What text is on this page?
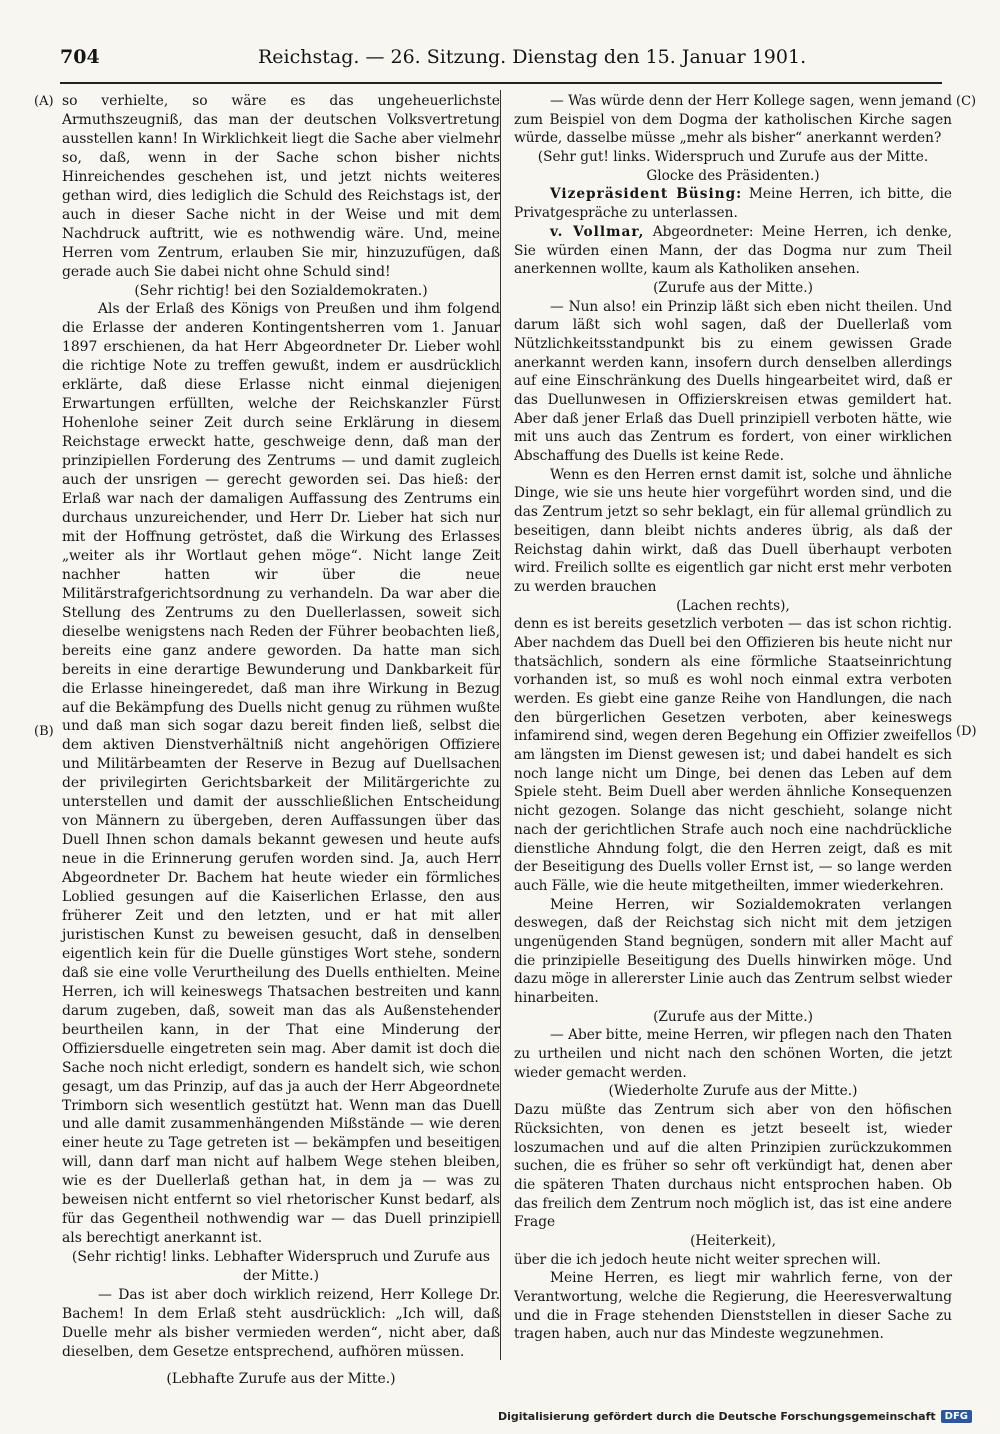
704	Reichstag. — 26. Sitzung. Dienstag den 15. Januar 1901.
(A)
(B)
(C)
(D)

so verhielte, so wäre es das ungeheuerlichste Armuthszeugniß, das man der deutschen Volksvertretung ausstellen kann! In Wirklichkeit liegt die Sache aber vielmehr so, daß, wenn in der Sache schon bisher nichts Hinreichendes geschehen ist, und jetzt nichts weiteres gethan wird, dies lediglich die Schuld des Reichstags ist, der auch in dieser Sache nicht in der Weise und mit dem Nachdruck auftritt, wie es nothwendig wäre. Und, meine Herren vom Zentrum, erlauben Sie mir, hinzuzufügen, daß gerade auch Sie dabei nicht ohne Schuld sind!

(Sehr richtig! bei den Sozialdemokraten.)

Als der Erlaß des Königs von Preußen und ihm folgend die Erlasse der anderen Kontingentsherren vom 1. Januar 1897 erschienen, da hat Herr Abgeordneter Dr. Lieber wohl die richtige Note zu treffen gewußt, indem er ausdrücklich erklärte, daß diese Erlasse nicht einmal diejenigen Erwartungen erfüllten, welche der Reichskanzler Fürst Hohenlohe seiner Zeit durch seine Erklärung in diesem Reichstage erweckt hatte, geschweige denn, daß man der prinzipiellen Forderung des Zentrums — und damit zugleich auch der unsrigen — gerecht geworden sei. Das hieß: der Erlaß war nach der damaligen Auffassung des Zentrums ein durchaus unzureichender, und Herr Dr. Lieber hat sich nur mit der Hoffnung getröstet, daß die Wirkung des Erlasses „weiter als ihr Wortlaut gehen möge“. Nicht lange Zeit nachher hatten wir über die neue Militärstrafgerichtsordnung zu verhandeln. Da war aber die Stellung des Zentrums zu den Duellerlassen, soweit sich dieselbe wenigstens nach Reden der Führer beobachten ließ, bereits eine ganz andere geworden. Da hatte man sich bereits in eine derartige Bewunderung und Dankbarkeit für die Erlasse hineingeredet, daß man ihre Wirkung in Bezug auf die Bekämpfung des Duells nicht genug zu rühmen wußte und daß man sich sogar dazu bereit finden ließ, selbst die dem aktiven Dienstverhältniß nicht angehörigen Offiziere und Militärbeamten der Reserve in Bezug auf Duellsachen der privilegirten Gerichtsbarkeit der Militärgerichte zu unterstellen und damit der ausschließlichen Entscheidung von Männern zu übergeben, deren Auffassungen über das Duell Ihnen schon damals bekannt gewesen und heute aufs neue in die Erinnerung gerufen worden sind. Ja, auch Herr Abgeordneter Dr. Bachem hat heute wieder ein förmliches Loblied gesungen auf die Kaiserlichen Erlasse, den aus früherer Zeit und den letzten, und er hat mit aller juristischen Kunst zu beweisen gesucht, daß in denselben eigentlich kein für die Duelle günstiges Wort stehe, sondern daß sie eine volle Verurtheilung des Duells enthielten. Meine Herren, ich will keineswegs Thatsachen bestreiten und kann darum zugeben, daß, soweit man das als Außenstehender beurtheilen kann, in der That eine Minderung der Offiziersduelle eingetreten sein mag. Aber damit ist doch die Sache noch nicht erledigt, sondern es handelt sich, wie schon gesagt, um das Prinzip, auf das ja auch der Herr Abgeordnete Trimborn sich wesentlich gestützt hat. Wenn man das Duell und alle damit zusammenhängenden Mißstände — wie deren einer heute zu Tage getreten ist — bekämpfen und beseitigen will, dann darf man nicht auf halbem Wege stehen bleiben, wie es der Duellerlaß gethan hat, in dem ja — was zu beweisen nicht entfernt so viel rhetorischer Kunst bedarf, als für das Gegentheil nothwendig war — das Duell prinzipiell als berechtigt anerkannt ist.

(Sehr richtig! links. Lebhafter Widerspruch und Zurufe aus der Mitte.)

— Das ist aber doch wirklich reizend, Herr Kollege Dr. Bachem! In dem Erlaß steht ausdrücklich: „Ich will, daß Duelle mehr als bisher vermieden werden“, nicht aber, daß dieselben, dem Gesetze entsprechend, aufhören müssen.

(Lebhafte Zurufe aus der Mitte.)

— Was würde denn der Herr Kollege sagen, wenn jemand zum Beispiel von dem Dogma der katholischen Kirche sagen würde, dasselbe müsse „mehr als bisher“ anerkannt werden?

(Sehr gut! links. Widerspruch und Zurufe aus der Mitte. Glocke des Präsidenten.)

Vizepräsident Büsing: Meine Herren, ich bitte, die Privatgespräche zu unterlassen.

v. Vollmar, Abgeordneter: Meine Herren, ich denke, Sie würden einen Mann, der das Dogma nur zum Theil anerkennen wollte, kaum als Katholiken ansehen.

(Zurufe aus der Mitte.)

— Nun also! ein Prinzip läßt sich eben nicht theilen. Und darum läßt sich wohl sagen, daß der Duellerlaß vom Nützlichkeitsstandpunkt bis zu einem gewissen Grade anerkannt werden kann, insofern durch denselben allerdings auf eine Einschränkung des Duells hingearbeitet wird, daß er das Duellunwesen in Offizierskreisen etwas gemildert hat. Aber daß jener Erlaß das Duell prinzipiell verboten hätte, wie mit uns auch das Zentrum es fordert, von einer wirklichen Abschaffung des Duells ist keine Rede.

Wenn es den Herren ernst damit ist, solche und ähnliche Dinge, wie sie uns heute hier vorgeführt worden sind, und die das Zentrum jetzt so sehr beklagt, ein für allemal gründlich zu beseitigen, dann bleibt nichts anderes übrig, als daß der Reichstag dahin wirkt, daß das Duell überhaupt verboten wird. Freilich sollte es eigentlich gar nicht erst mehr verboten zu werden brauchen

(Lachen rechts),

denn es ist bereits gesetzlich verboten — das ist schon richtig. Aber nachdem das Duell bei den Offizieren bis heute nicht nur thatsächlich, sondern als eine förmliche Staatseinrichtung vorhanden ist, so muß es wohl noch einmal extra verboten werden. Es giebt eine ganze Reihe von Handlungen, die nach den bürgerlichen Gesetzen verboten, aber keineswegs infamirend sind, wegen deren Begehung ein Offizier zweifellos am längsten im Dienst gewesen ist; und dabei handelt es sich noch lange nicht um Dinge, bei denen das Leben auf dem Spiele steht. Beim Duell aber werden ähnliche Konsequenzen nicht gezogen. Solange das nicht geschieht, solange nicht nach der gerichtlichen Strafe auch noch eine nachdrückliche dienstliche Ahndung folgt, die den Herren zeigt, daß es mit der Beseitigung des Duells voller Ernst ist, — so lange werden auch Fälle, wie die heute mitgetheilten, immer wiederkehren.

Meine Herren, wir Sozialdemokraten verlangen deswegen, daß der Reichstag sich nicht mit dem jetzigen ungenügenden Stand begnügen, sondern mit aller Macht auf die prinzipielle Beseitigung des Duells hinwirken möge. Und dazu möge in allererster Linie auch das Zentrum selbst wieder hinarbeiten.

(Zurufe aus der Mitte.)

— Aber bitte, meine Herren, wir pflegen nach den Thaten zu urtheilen und nicht nach den schönen Worten, die jetzt wieder gemacht werden.

(Wiederholte Zurufe aus der Mitte.)

Dazu müßte das Zentrum sich aber von den höfischen Rücksichten, von denen es jetzt beseelt ist, wieder loszumachen und auf die alten Prinzipien zurückzukommen suchen, die es früher so sehr oft verkündigt hat, denen aber die späteren Thaten durchaus nicht entsprochen haben. Ob das freilich dem Zentrum noch möglich ist, das ist eine andere Frage

(Heiterkeit),

über die ich jedoch heute nicht weiter sprechen will.

Meine Herren, es liegt mir wahrlich ferne, von der Verantwortung, welche die Regierung, die Heeresverwaltung und die in Frage stehenden Dienststellen in dieser Sache zu tragen haben, auch nur das Mindeste wegzunehmen.

Digitalisierung gefördert durch die Deutsche Forschungsgemeinschaft DFG
